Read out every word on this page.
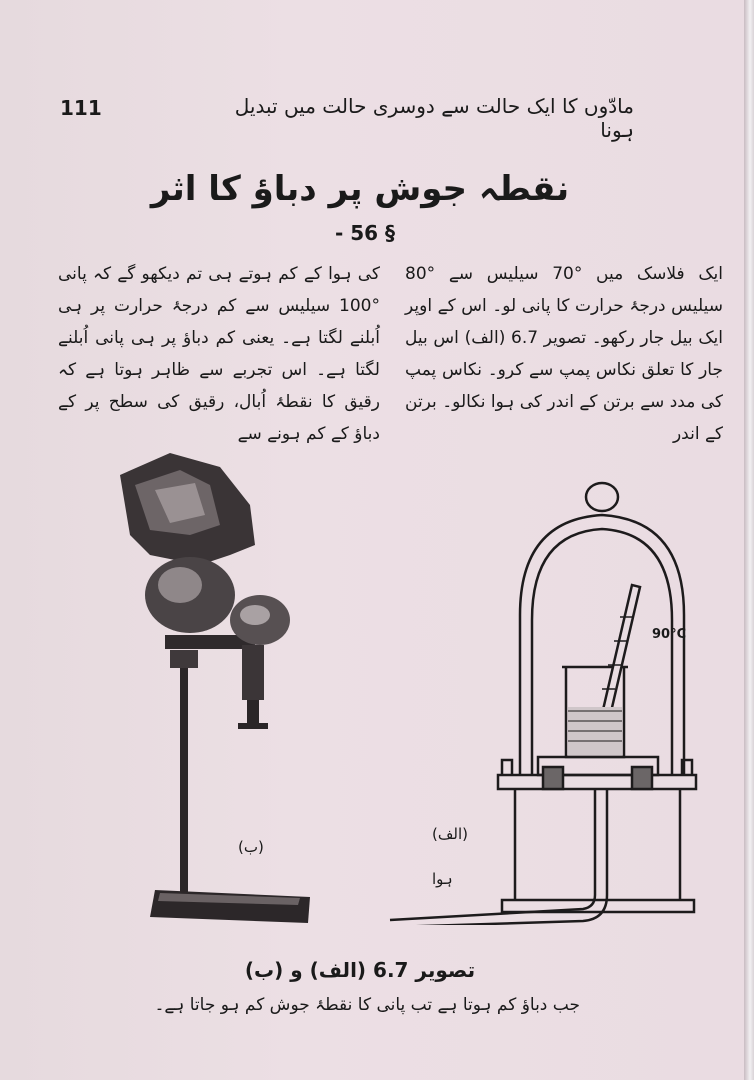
111	مادّوں کا ایک حالت سے دوسری حالت میں تبدیل ہونا
نقطہ جوش پر دباؤ کا اثر § 56 -
ایک فلاسک میں °70 سیلیس سے °80 سیلیس درجۂ حرارت کا پانی لو۔ اس کے اوپر ایک بیل جار رکھو۔ تصویر 6.7 (الف) اس بیل جار کا تعلق نکاس پمپ سے کرو۔ نکاس پمپ کی مدد سے برتن کے اندر کی ہوا نکالو۔ برتن کے اندر
کی ہوا کے کم ہوتے ہی تم دیکھو گے کہ پانی °100 سیلیس سے کم درجۂ حرارت پر ہی اُبلنے لگتا ہے۔ یعنی کم دباؤ پر ہی پانی اُبلنے لگتا ہے۔ اس تجربے سے ظاہر ہوتا ہے کہ رقیق کا نقطۂ اُبال، رقیق کی سطح پر کے دباؤ کے کم ہونے سے
(ب)
90°C
(الف)
ہوا
تصویر 6.7 (الف) و (ب)
جب دباؤ کم ہوتا ہے تب پانی کا نقطۂ جوش کم ہو جاتا ہے۔
